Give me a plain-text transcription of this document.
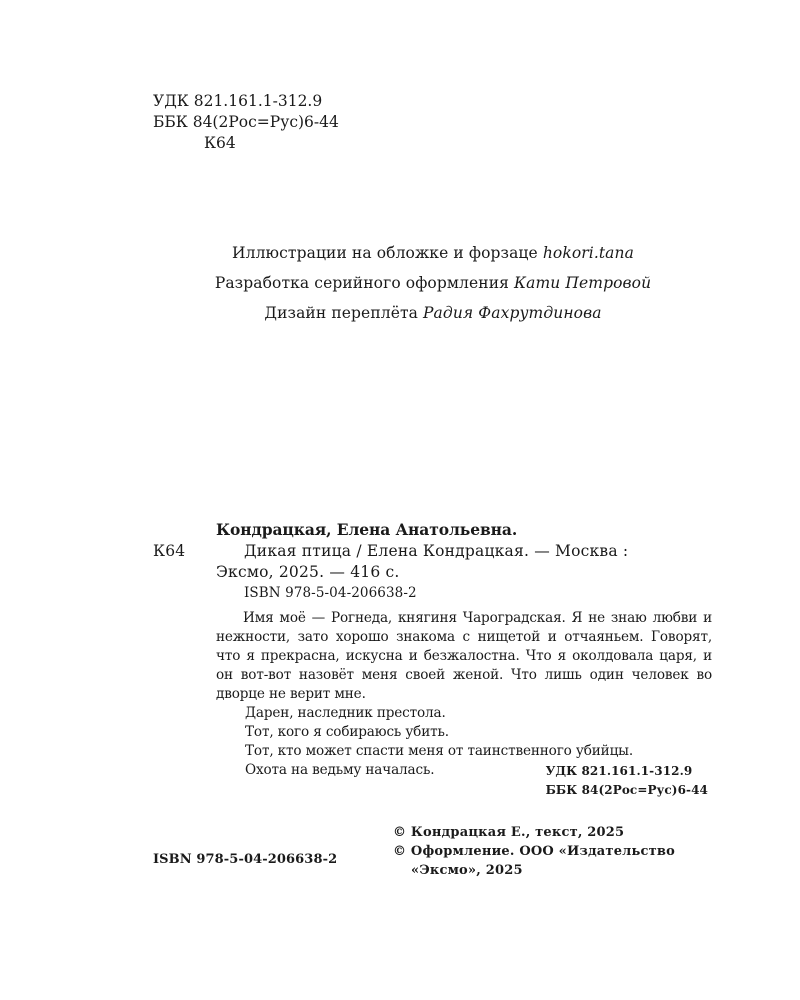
УДК 821.161.1-312.9
ББК 84(2Рос=Рус)6-44
К64

Иллюстрации на обложке и форзаце hokori.tana

Разработка серийного оформления Кати Петровой

Дизайн переплёта Радия Фахрутдинова

Кондрацкая, Елена Анатольевна.
К64	Дикая птица / Елена Кондрацкая. — Москва :
Эксмо, 2025. — 416 с.
ISBN 978-5-04-206638-2

Имя моё — Рогнеда, княгиня Чароградская. Я не знаю любви и нежности, зато хорошо знакома с нищетой и отчаяньем. Говорят, что я прекрасна, искусна и безжалостна. Что я околдовала царя, и он вот-вот назовёт меня своей женой. Что лишь один человек во дворце не верит мне.

Дарен, наследник престола.

Тот, кого я собираюсь убить.

Тот, кто может спасти меня от таинственного убийцы.

Охота на ведьму началась.	УДК 821.161.1-312.9
ББК 84(2Рос=Рус)6-44
© Кондрацкая Е., текст, 2025
© Оформление. ООО «Издательство
«Эксмо», 2025
ISBN 978-5-04-206638-2
